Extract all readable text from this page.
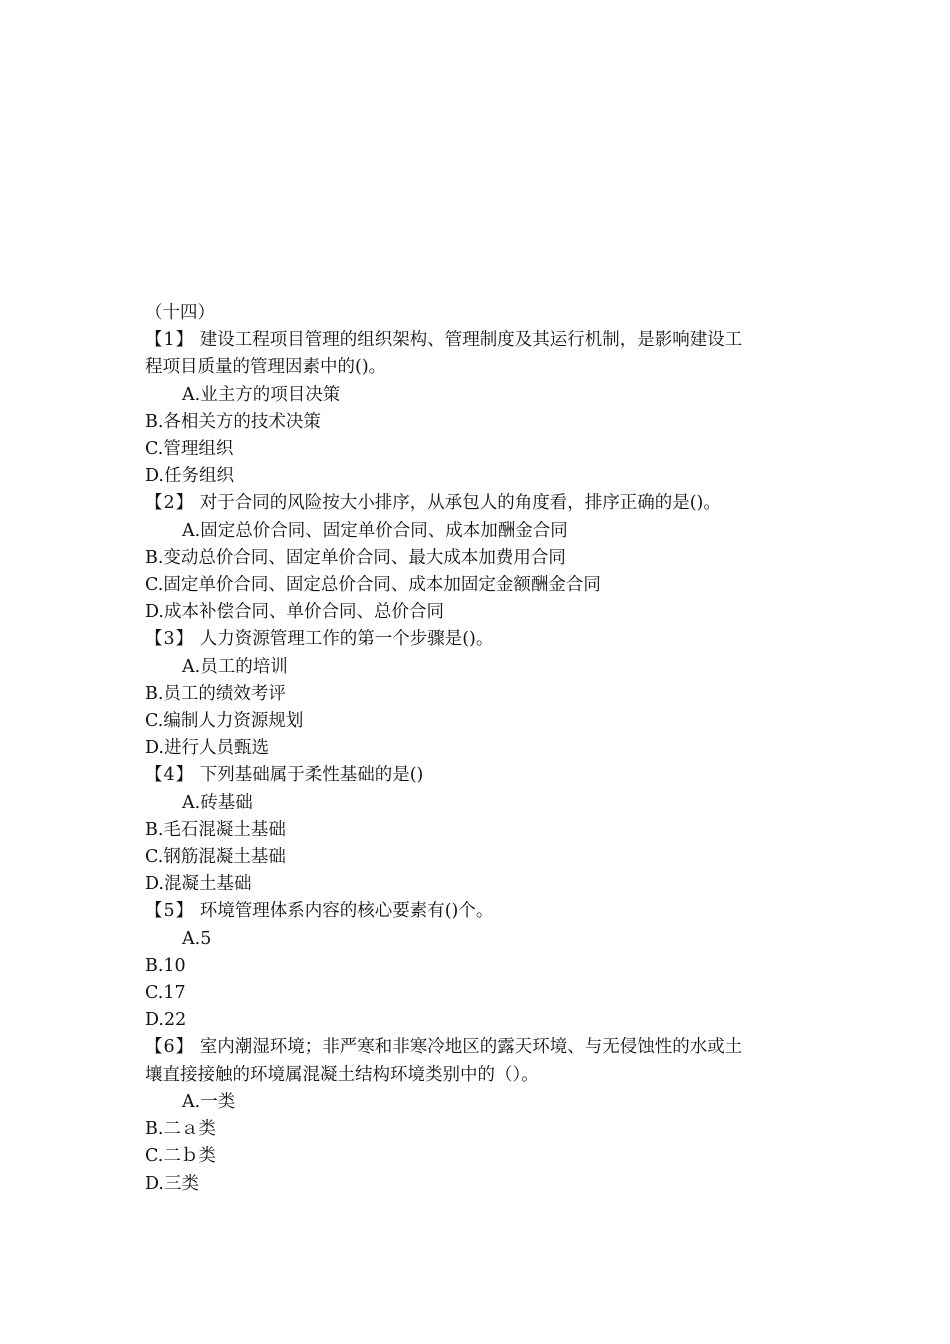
（十四）
【1】 建设工程项目管理的组织架构、管理制度及其运行机制，是影响建设工
程项目质量的管理因素中的()。
A.业主方的项目决策
B.各相关方的技术决策
C.管理组织
D.任务组织
【2】 对于合同的风险按大小排序，从承包人的角度看，排序正确的是()。
A.固定总价合同、固定单价合同、成本加酬金合同
B.变动总价合同、固定单价合同、最大成本加费用合同
C.固定单价合同、固定总价合同、成本加固定金额酬金合同
D.成本补偿合同、单价合同、总价合同
【3】 人力资源管理工作的第一个步骤是()。
A.员工的培训
B.员工的绩效考评
C.编制人力资源规划
D.进行人员甄选
【4】 下列基础属于柔性基础的是()
A.砖基础
B.毛石混凝土基础
C.钢筋混凝土基础
D.混凝土基础
【5】 环境管理体系内容的核心要素有()个。
A.5
B.10
C.17
D.22
【6】 室内潮湿环境；非严寒和非寒冷地区的露天环境、与无侵蚀性的水或土
壤直接接触的环境属混凝土结构环境类别中的（）。
A.一类
B.二ａ类
C.二ｂ类
D.三类
